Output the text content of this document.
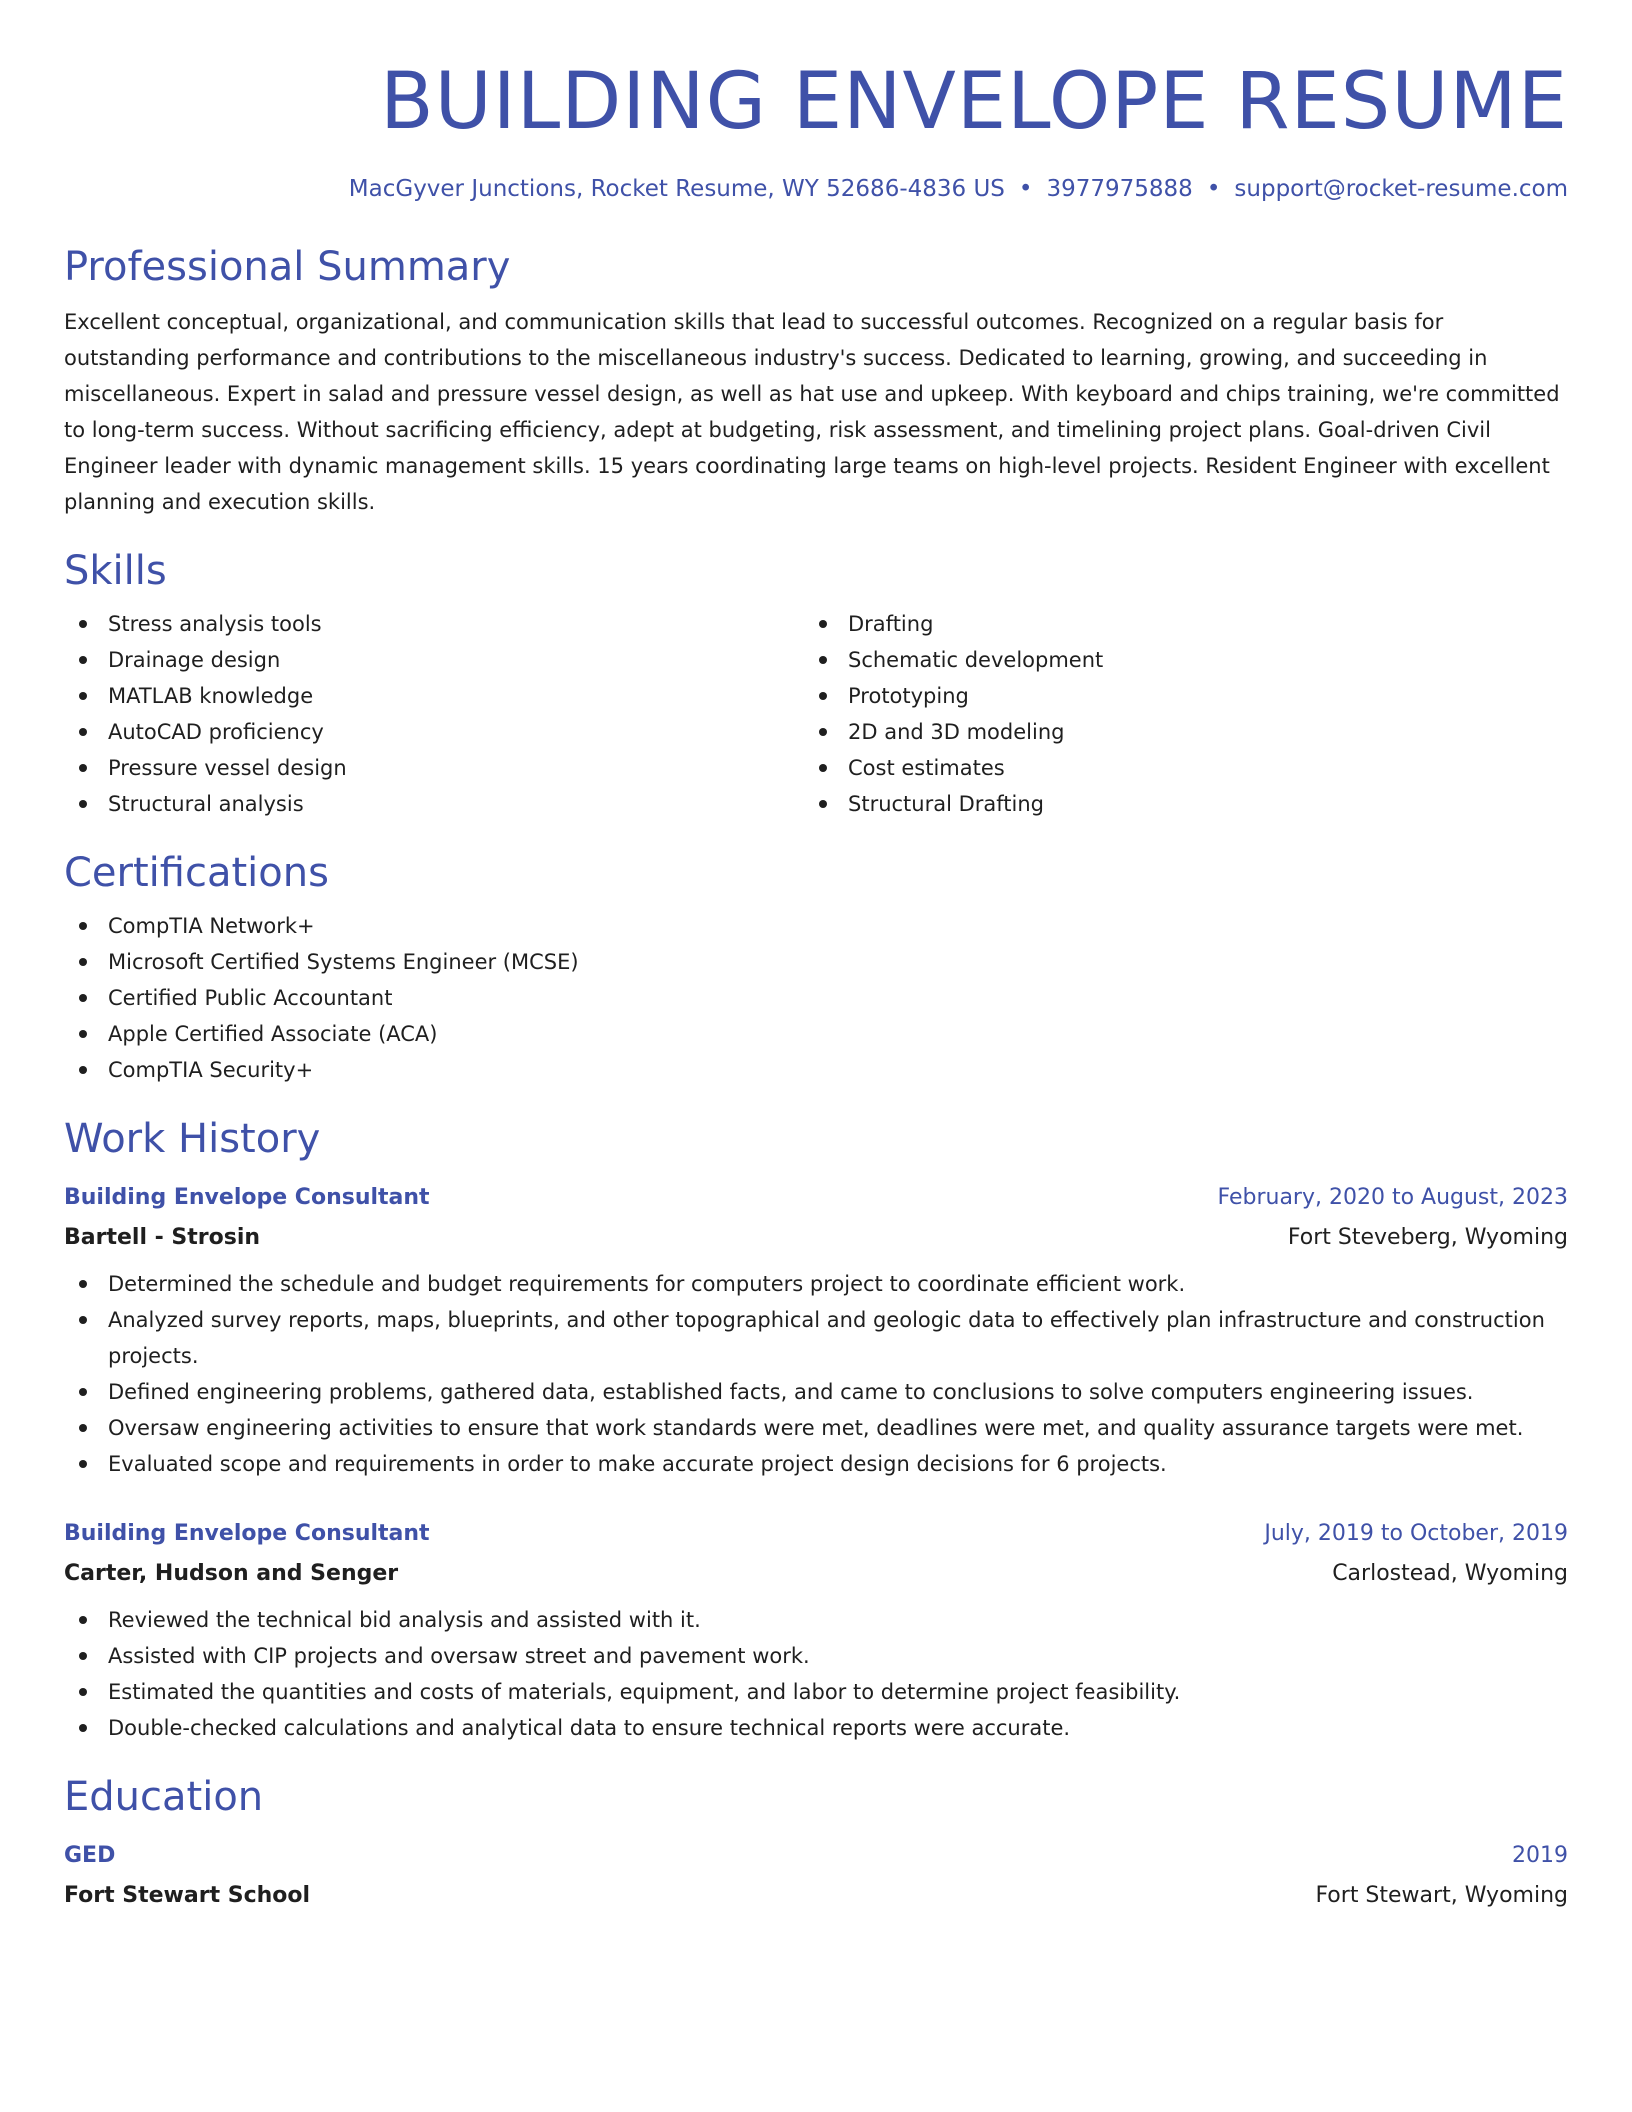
BUILDING ENVELOPE RESUME
MacGyver Junctions, Rocket Resume, WY 52686-4836 US • 3977975888 • support@rocket-resume.com
Professional Summary

Excellent conceptual, organizational, and communication skills that lead to successful outcomes. Recognized on a regular basis for outstanding performance and contributions to the miscellaneous industry's success. Dedicated to learning, growing, and succeeding in miscellaneous. Expert in salad and pressure vessel design, as well as hat use and upkeep. With keyboard and chips training, we're committed to long-term success. Without sacrificing efficiency, adept at budgeting, risk assessment, and timelining project plans. Goal-driven Civil Engineer leader with dynamic management skills. 15 years coordinating large teams on high-level projects. Resident Engineer with excellent planning and execution skills.

Skills
Stress analysis tools
Drainage design
MATLAB knowledge
AutoCAD proficiency
Pressure vessel design
Structural analysis
Drafting
Schematic development
Prototyping
2D and 3D modeling
Cost estimates
Structural Drafting
Certifications
CompTIA Network+
Microsoft Certified Systems Engineer (MCSE)
Certified Public Accountant
Apple Certified Associate (ACA)
CompTIA Security+
Work History
Building Envelope Consultant	February, 2020 to August, 2023
Bartell - Strosin	Fort Steveberg, Wyoming
Determined the schedule and budget requirements for computers project to coordinate efficient work.
Analyzed survey reports, maps, blueprints, and other topographical and geologic data to effectively plan infrastructure and construction projects.
Defined engineering problems, gathered data, established facts, and came to conclusions to solve computers engineering issues.
Oversaw engineering activities to ensure that work standards were met, deadlines were met, and quality assurance targets were met.
Evaluated scope and requirements in order to make accurate project design decisions for 6 projects.
Building Envelope Consultant	July, 2019 to October, 2019
Carter, Hudson and Senger	Carlostead, Wyoming
Reviewed the technical bid analysis and assisted with it.
Assisted with CIP projects and oversaw street and pavement work.
Estimated the quantities and costs of materials, equipment, and labor to determine project feasibility.
Double-checked calculations and analytical data to ensure technical reports were accurate.
Education
GED	2019
Fort Stewart School	Fort Stewart, Wyoming
